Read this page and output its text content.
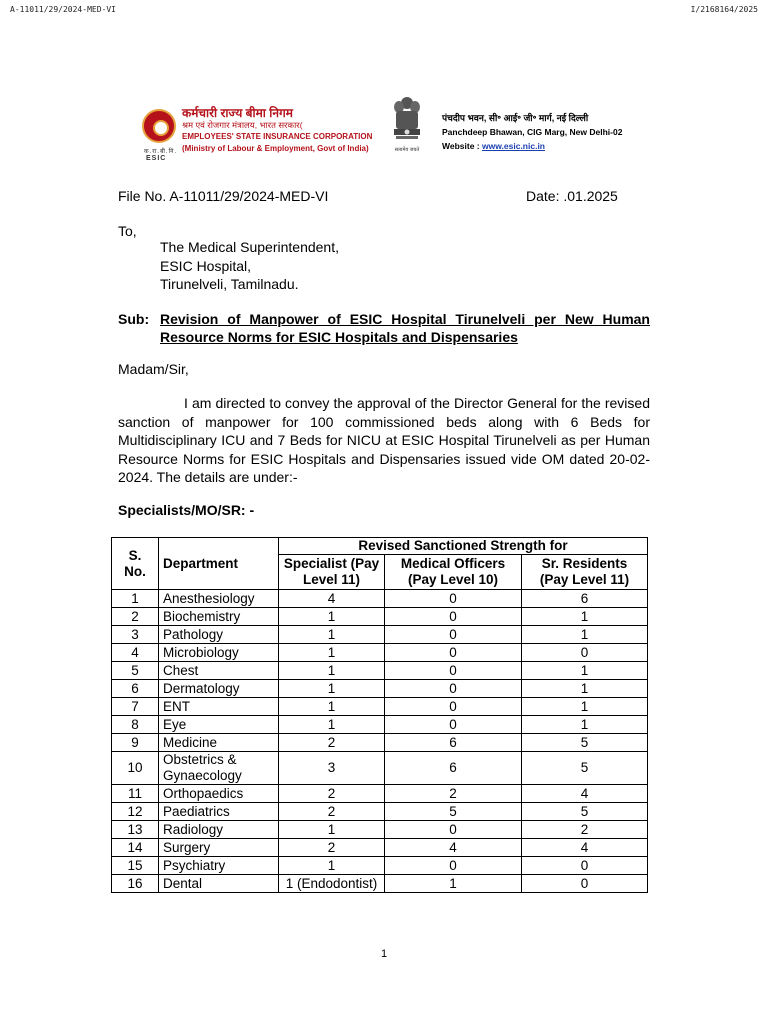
A-11011/29/2024-MED-VI	I/2168164/2025
क.रा.बी.नि.
ESIC
कर्मचारी राज्य बीमा निगम
श्रम एवं रोजगार मंत्रालय, भारत सरकार(
EMPLOYEES' STATE INSURANCE CORPORATION
(Ministry of Labour & Employment, Govt of India)	सत्यमेव जयते
पंचदीप भवन, सी॰ आई॰ जी॰ मार्ग, नई दिल्ली
Panchdeep Bhawan, CIG Marg, New Delhi-02
Website : www.esic.nic.in
File No. A-11011/29/2024-MED-VI	Date: .01.2025
To,
The Medical Superintendent,
ESIC Hospital,
Tirunelveli, Tamilnadu.
Sub: Revision of Manpower of ESIC Hospital Tirunelveli per New Human Resource Norms for ESIC Hospitals and Dispensaries
Madam/Sir,
I am directed to convey the approval of the Director General for the revised sanction of manpower for 100 commissioned beds along with 6 Beds for Multidisciplinary ICU and 7 Beds for NICU at ESIC Hospital Tirunelveli as per Human Resource Norms for ESIC Hospitals and Dispensaries issued vide OM dated 20-02-2024. The details are under:-
Specialists/MO/SR: -
S. No.	Department	Revised Sanctioned Strength for		
		Specialist (Pay Level 11)	Medical Officers (Pay Level 10)	Sr. Residents (Pay Level 11)
1	Anesthesiology	4	0	6
2	Biochemistry	1	0	1
3	Pathology	1	0	1
4	Microbiology	1	0	0
5	Chest	1	0	1
6	Dermatology	1	0	1
7	ENT	1	0	1
8	Eye	1	0	1
9	Medicine	2	6	5
10	Obstetrics & Gynaecology	3	6	5
11	Orthopaedics	2	2	4
12	Paediatrics	2	5	5
13	Radiology	1	0	2
14	Surgery	2	4	4
15	Psychiatry	1	0	0
16	Dental	1 (Endodontist)	1	0
1
